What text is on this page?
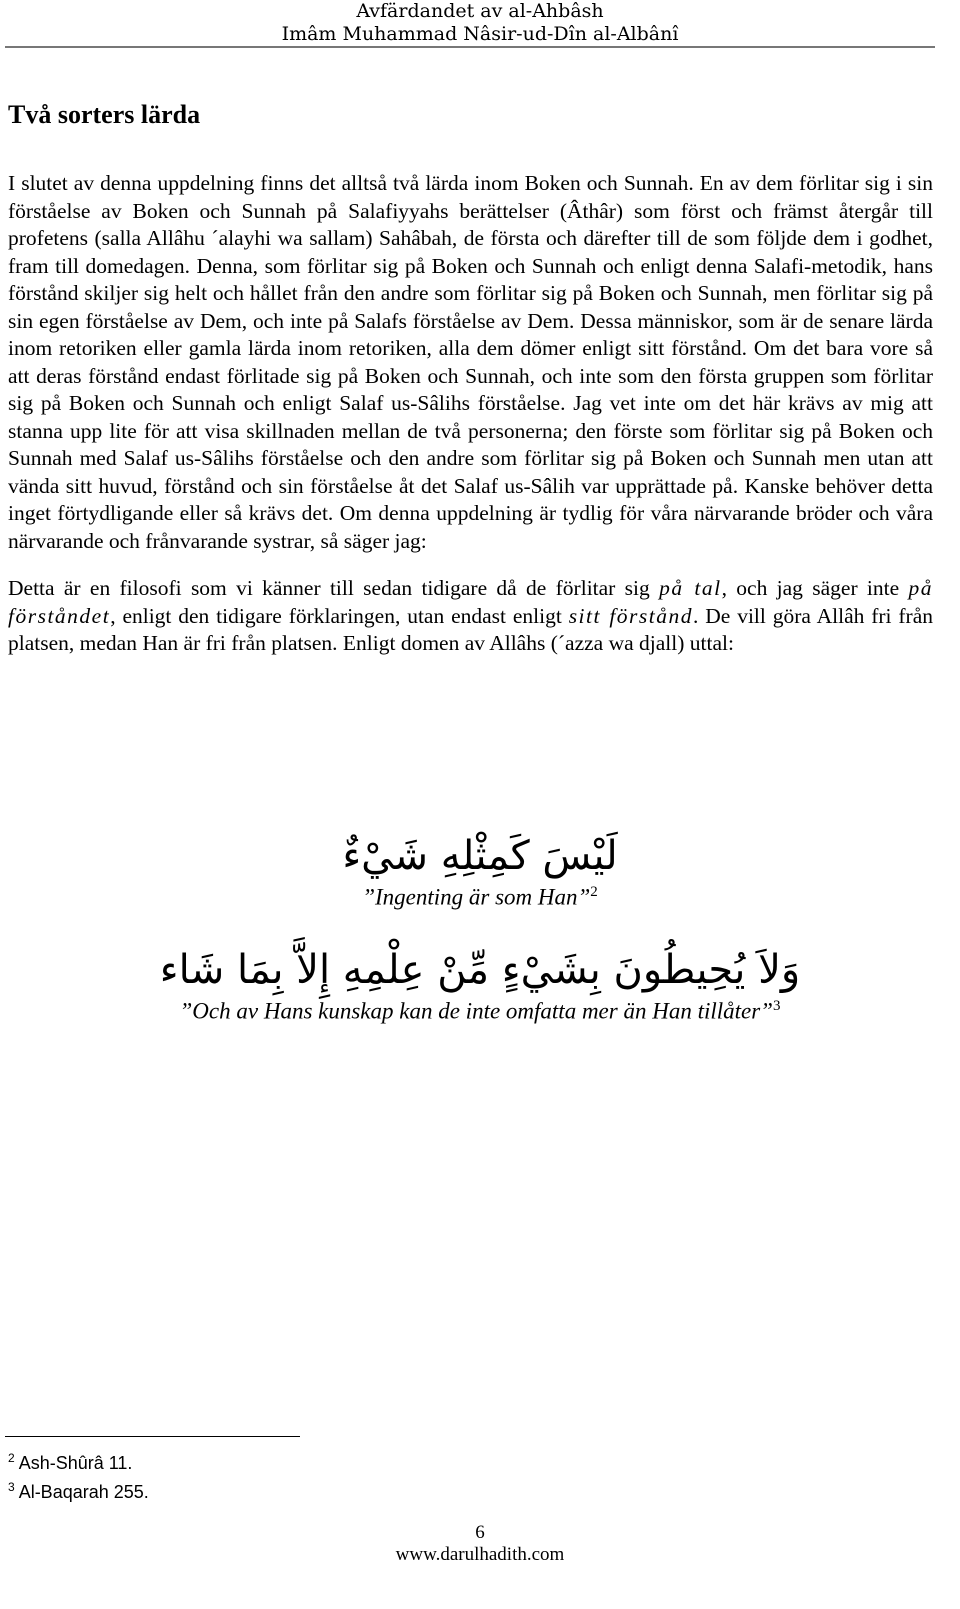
Avfärdandet av al-Ahbâsh
Imâm Muhammad Nâsir-ud-Dîn al-Albânî
Två sorters lärda

I slutet av denna uppdelning finns det alltså två lärda inom Boken och Sunnah. En av dem förlitar sig i sin förståelse av Boken och Sunnah på Salafiyyahs berättelser (Âthâr) som först och främst återgår till profetens (salla Allâhu ´alayhi wa sallam) Sahâbah, de första och därefter till de som följde dem i godhet, fram till domedagen. Denna, som förlitar sig på Boken och Sunnah och enligt denna Salafi-metodik, hans förstånd skiljer sig helt och hållet från den andre som förlitar sig på Boken och Sunnah, men förlitar sig på sin egen förståelse av Dem, och inte på Salafs förståelse av Dem. Dessa människor, som är de senare lärda inom retoriken eller gamla lärda inom retoriken, alla dem dömer enligt sitt förstånd. Om det bara vore så att deras förstånd endast förlitade sig på Boken och Sunnah, och inte som den första gruppen som förlitar sig på Boken och Sunnah och enligt Salaf us-Sâlihs förståelse. Jag vet inte om det här krävs av mig att stanna upp lite för att visa skillnaden mellan de två personerna; den förste som förlitar sig på Boken och Sunnah med Salaf us-Sâlihs förståelse och den andre som förlitar sig på Boken och Sunnah men utan att vända sitt huvud, förstånd och sin förståelse åt det Salaf us-Sâlih var upprättade på. Kanske behöver detta inget förtydligande eller så krävs det. Om denna uppdelning är tydlig för våra närvarande bröder och våra närvarande och frånvarande systrar, så säger jag:

Detta är en filosofi som vi känner till sedan tidigare då de förlitar sig på tal, och jag säger inte på förståndet, enligt den tidigare förklaringen, utan endast enligt sitt förstånd. De vill göra Allâh fri från platsen, medan Han är fri från platsen. Enligt domen av Allâhs (´azza wa djall) uttal:

لَيْسَ كَمِثْلِهِ شَيْءٌ
”Ingenting är som Han”$^2$
وَلاَ يُحِيطُونَ بِشَيْءٍ مِّنْ عِلْمِهِ إِلاَّ بِمَا شَاء
”Och av Hans kunskap kan de inte omfatta mer än Han tillåter”$^3$
$^2$ Ash-Shûrâ 11.
$^3$ Al-Baqarah 255.
6
www.darulhadith.com
